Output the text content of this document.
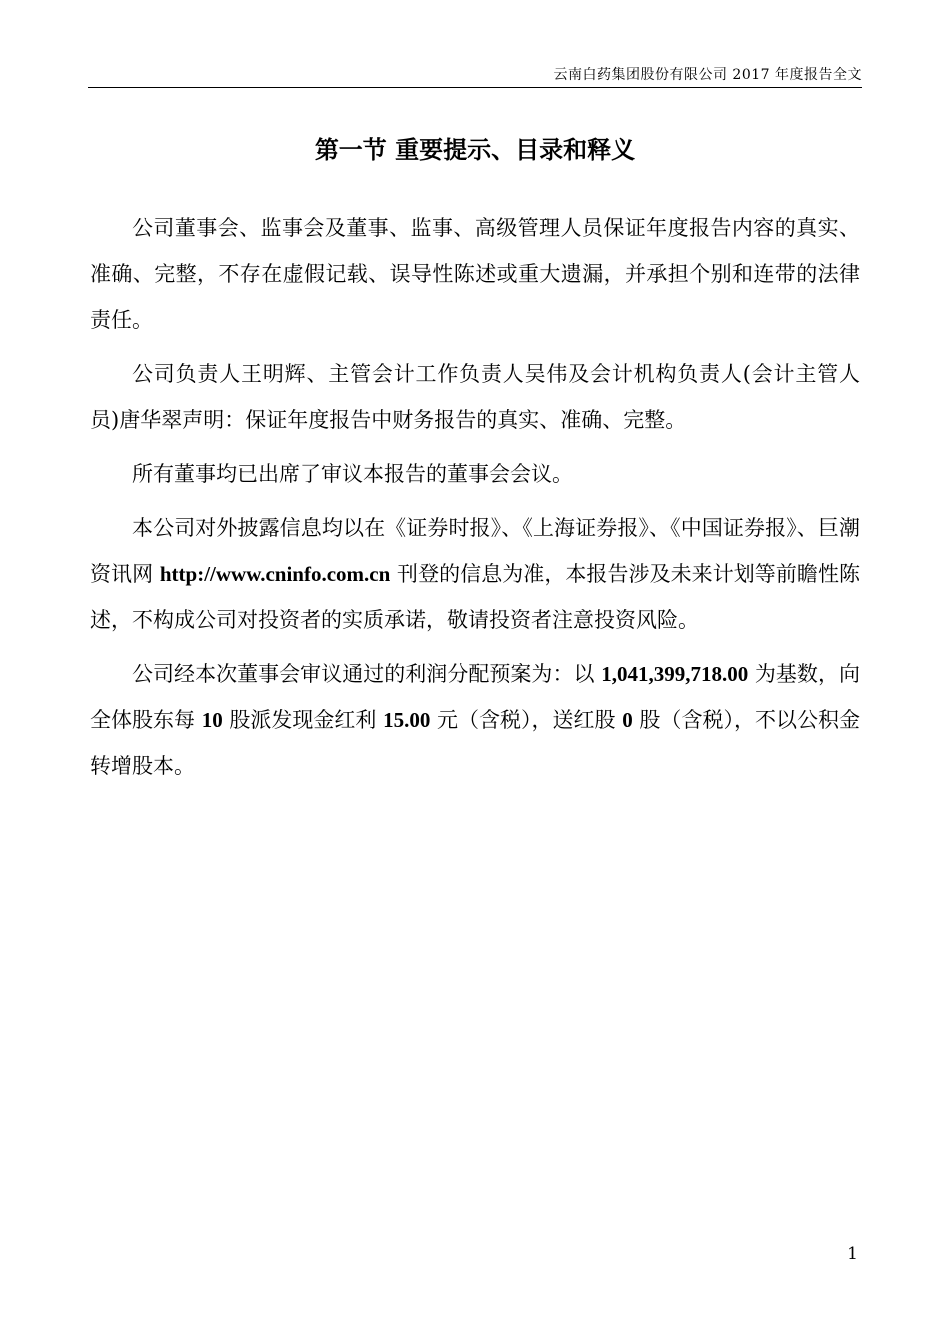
云南白药集团股份有限公司 2017 年度报告全文
第一节 重要提示、目录和释义

公司董事会、监事会及董事、监事、高级管理人员保证年度报告内容的真实、准确、完整，不存在虚假记载、误导性陈述或重大遗漏，并承担个别和连带的法律责任。

公司负责人王明辉、主管会计工作负责人吴伟及会计机构负责人(会计主管人员)唐华翠声明：保证年度报告中财务报告的真实、准确、完整。

所有董事均已出席了审议本报告的董事会会议。

本公司对外披露信息均以在《证券时报》、《上海证券报》、《中国证券报》、巨潮资讯网 http://www.cninfo.com.cn 刊登的信息为准，本报告涉及未来计划等前瞻性陈述，不构成公司对投资者的实质承诺，敬请投资者注意投资风险。

公司经本次董事会审议通过的利润分配预案为：以 1,041,399,718.00 为基数，向全体股东每 10 股派发现金红利 15.00 元（含税），送红股 0 股（含税），不以公积金转增股本。

1
